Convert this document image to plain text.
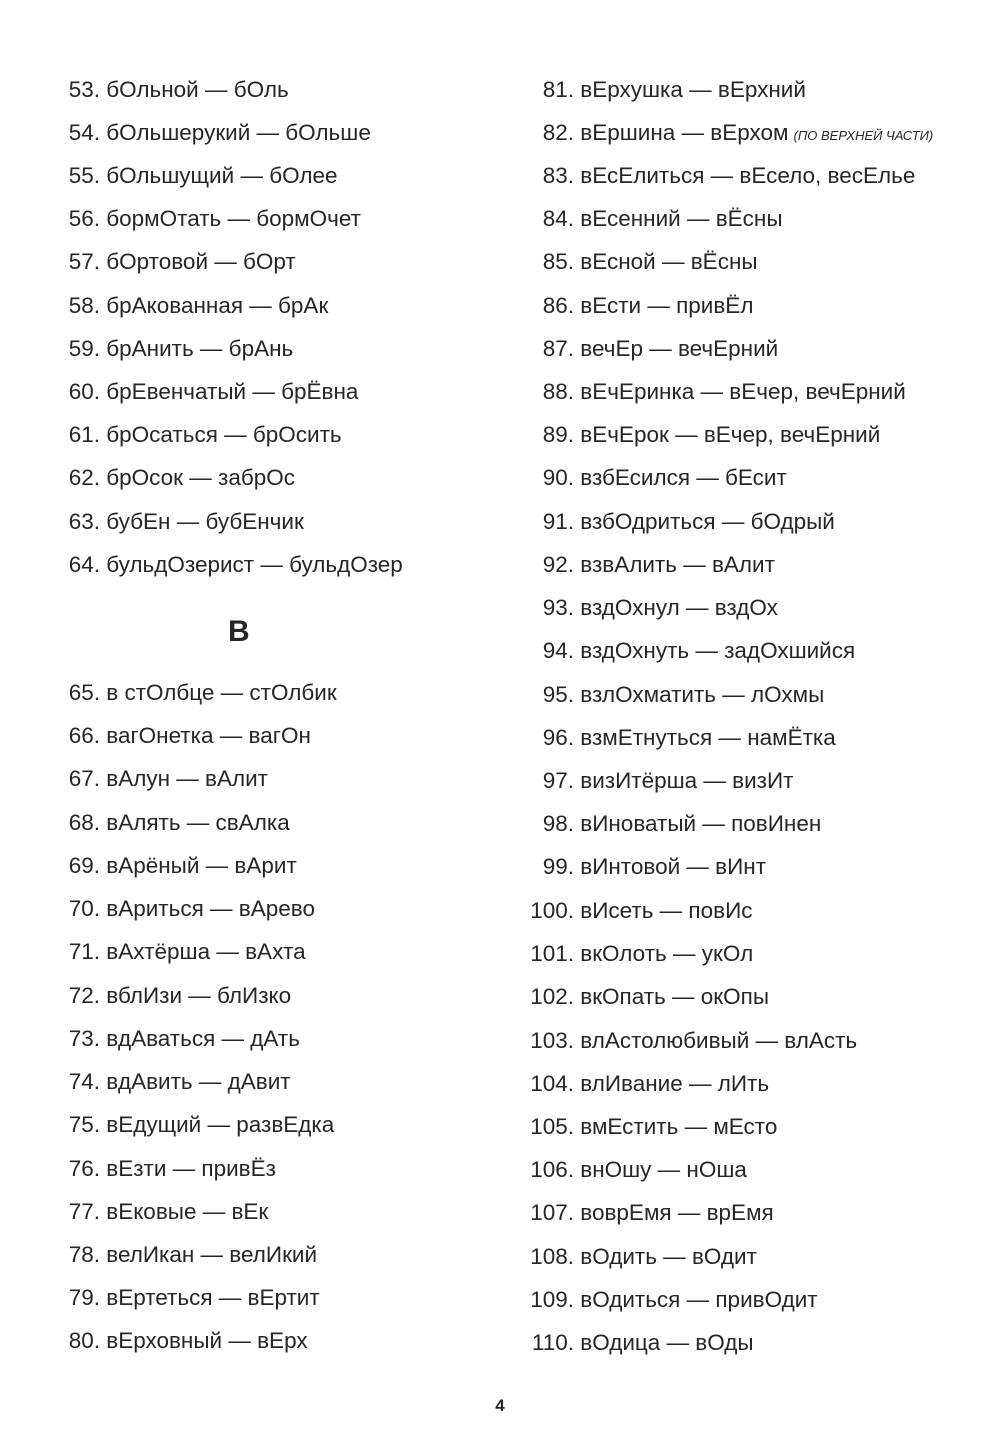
53. бОльной — бОль
54. бОльшерукий — бОльше
55. бОльшущий — бОлее
56. бормОтать — бормОчет
57. бОртовой — бОрт
58. брАкованная — брАк
59. брАнить — брАнь
60. брЕвенчатый — брЁвна
61. брОсаться — брОсить
62. брОсок — забрОс
63. бубЕн — бубЕнчик
64. бульдОзерист — бульдОзер
65. в стОлбце — стОлбик
66. вагОнетка — вагОн
67. вАлун — вАлит
68. вАлять — свАлка
69. вАрёный — вАрит
70. вАриться — вАрево
71. вАхтёрша — вАхта
72. вблИзи — блИзко
73. вдАваться — дАть
74. вдАвить — дАвит
75. вЕдущий — развЕдка
76. вЕзти — привЁз
77. вЕковые — вЕк
78. велИкан — велИкий
79. вЕртеться — вЕртит
80. вЕрховный — вЕрх
81. вЕрхушка — вЕрхний
82. вЕршина — вЕрхом (ПО ВЕРХНЕЙ ЧАСТИ)
83. вЕсЕлиться — вЕсело, весЕлье
84. вЕсенний — вЁсны
85. вЕсной — вЁсны
86. вЕсти — привЁл
87. вечЕр — вечЕрний
88. вЕчЕринка — вЕчер, вечЕрний
89. вЕчЕрок — вЕчер, вечЕрний
90. взбЕсился — бЕсит
91. взбОдриться — бОдрый
92. взвАлить — вАлит
93. вздОхнул — вздОх
94. вздОхнуть — задОхшийся
95. взлОхматить — лОхмы
96. взмЕтнуться — намЁтка
97. визИтёрша — визИт
98. вИноватый — повИнен
99. вИнтовой — вИнт
100. вИсеть — повИс
101. вкОлоть — укОл
102. вкОпать — окОпы
103. влАстолюбивый — влАсть
104. влИвание — лИть
105. вмЕстить — мЕсто
106. внОшу — нОша
107. воврЕмя — врЕмя
108. вОдить — вОдит
109. вОдиться — привОдит
110. вОдица — вОды
В
4
